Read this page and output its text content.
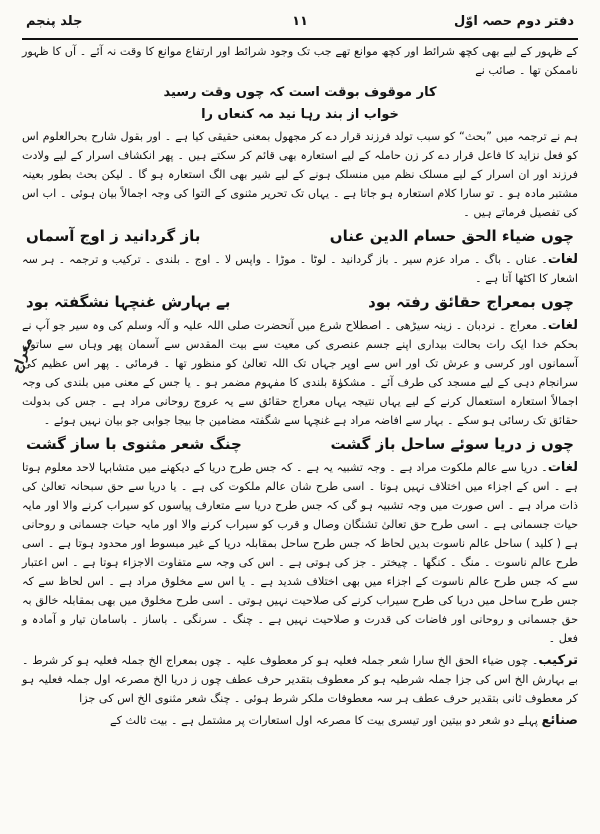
دفتر دوم حصہ اوّل
۱۱
جلد پنجم
معراج

کے ظہور کے لیے بھی کچھ شرائط اور کچھ موانع تھے جب تک وجود شرائط اور ارتفاع موانع کا وقت نہ آئے ۔ آں کا ظہور ناممکن تھا ۔ صائب نے

کار موقوف بوقت است کہ چوں وقت رسید
خواب از بند رہا نید مہ کنعاں را

ہم نے ترجمہ میں ”بحث“ کو سبب تولد فرزند قرار دے کر مجھول بمعنی حقیقی کیا ہے ۔ اور بقول شارح بحرالعلوم اس کو فعل نزاید کا فاعل قرار دے کر زن حاملہ کے لیے استعارہ بھی قائم کر سکتے ہیں ۔ پھر انکشاف اسرار کے لیے ولادت فرزند اور ان اسرار کے لیے مسلک نظم میں منسلک ہونے کے لیے شیر بھی الگ استعارہ ہو گا ۔ لیکن بحث بطور بعینہ مشتبر مادہ ہو ۔ تو سارا کلام استعارہ ہو جاتا ہے ۔ یہاں تک تحریر مثنوی کے التوا کی وجہ اجمالاً بیان ہوئی ۔ اب اس کی تفصیل فرماتے ہیں ۔

چوں ضیاء الحق حسام الدین عناں
باز گردانید ز اوج آسماں

لغات۔ عناں ۔ باگ ۔ مراد عزم سیر ۔ باز گردانید ۔ لوٹا ۔ موڑا ۔ واپس لا ۔ اوج ۔ بلندی ۔ ترکیب و ترجمہ ۔ ہر سہ اشعار کا اکٹھا آتا ہے ۔

چوں بمعراج حقائق رفتہ بود
بے بہارش غنچہا نشگفتہ بود

لغات۔ معراج ۔ نردبان ۔ زینہ سیڑھی ۔ اصطلاح شرع میں آنحضرت صلی اللہ علیہ و آلہ وسلم کی وہ سیر جو آپ نے بحکم خدا ایک رات بحالت بیداری اپنے جسم عنصری کی معیت سے بیت المقدس سے آسمان پھر وہاں سے ساتوں آسمانوں اور کرسی و عرش تک اور اس سے اوپر جہاں تک اللہ تعالیٰ کو منظور تھا ۔ فرمائی ۔ پھر اس عظیم کی سرانجام دہی کے لیے مسجد کی طرف آئے ۔ مشکوٰۃ بلندی کا مفہوم مضمر ہو ۔ یا جس کے معنی میں بلندی کی وجہ اجمالاً استعارہ استعمال کرنے کے لیے یہاں نتیجہ یہاں معراج حقائق سے یہ عروج روحانی مراد ہے ۔ جس کی بدولت حقائق تک رسائی ہو سکے ۔ بہار سے افاضہ مراد ہے غنچہا سے شگفتہ مضامین جا بیجا جوابی جو بیان نہیں ہوئے ۔

چوں ز دریا سوئے ساحل باز گشت
چنگ شعر مثنوی با ساز گشت

لغات۔ دریا سے عالم ملکوت مراد ہے ۔ وجہ تشبیہ یہ ہے ۔ کہ جس طرح دریا کے دیکھنے میں متشابہا لاحد معلوم ہوتا ہے ۔ اس کے اجزاء میں اختلاف نہیں ہوتا ۔ اسی طرح شان عالم ملکوت کی ہے ۔ یا دریا سے حق سبحانہ تعالیٰ کی ذات مراد ہے ۔ اس صورت میں وجہ تشبیہ ہو گی کہ جس طرح دریا سے متعارف پیاسوں کو سیراب کرنے والا اور مایہ حیات جسمانی ہے ۔ اسی طرح حق تعالیٰ تشنگان وصال و قرب کو سیراب کرنے والا اور مایہ حیات جسمانی و روحانی ہے ( کلید ) ساحل عالم ناسوت بدیں لحاظ کہ جس طرح ساحل بمقابلہ دریا کے غیر مبسوط اور محدود ہوتا ہے ۔ اسی طرح عالم ناسوت ۔ منگ ۔ کنگھا ۔ چیختر ۔ جز کی ہوتی ہے ۔ اس کی وجہ سے متفاوت الاجزاء ہوتا ہے ۔ اس اعتبار سے کہ جس طرح عالم ناسوت کے اجزاء میں بھی اختلاف شدید ہے ۔ یا اس سے مخلوق مراد ہے ۔ اس لحاظ سے کہ جس طرح ساحل میں دریا کی طرح سیراب کرنے کی صلاحیت نہیں ہوتی ۔ اسی طرح مخلوق میں بھی بمقابلہ خالق بہ حق جسمانی و روحانی اور فاضات کی قدرت و صلاحیت نہیں ہے ۔ چنگ ۔ سرنگی ۔ باساز ۔ باسامان تیار و آمادہ و فعل ۔

ترکیب۔ چوں ضیاء الحق الخ سارا شعر جملہ فعلیہ ہو کر معطوف علیہ ۔ چوں بمعراج الخ جملہ فعلیہ ہو کر شرط ۔ بے بہارش الخ اس کی جزا جملہ شرطیہ ہو کر معطوف بتقدیر حرف عطف چوں ز دریا الخ مصرعہ اول جملہ فعلیہ ہو کر معطوف ثانی بتقدیر حرف عطف ہر سہ معطوفات ملکر شرط ہوئی ۔ چنگ شعر مثنوی الخ اس کی جزا

صنائع پہلے دو شعر دو بیتین اور تیسری بیت کا مصرعہ اول استعارات پر مشتمل ہے ۔ بیت ثالث کے
